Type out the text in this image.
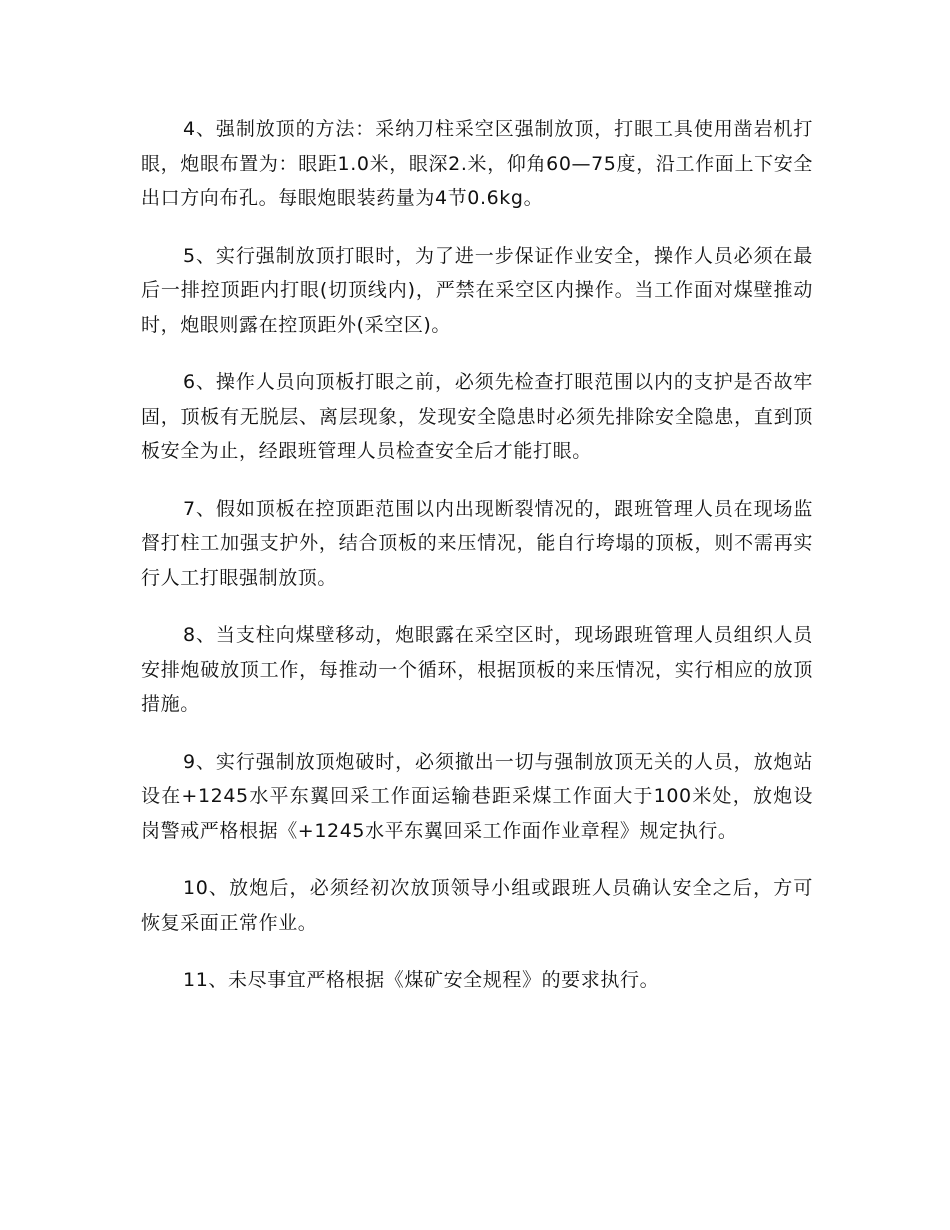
4、强制放顶的方法：采纳刀柱采空区强制放顶，打眼工具使用凿岩机打眼，炮眼布置为：眼距1.0米，眼深2.米，仰角60—75度，沿工作面上下安全出口方向布孔。每眼炮眼装药量为4节0.6kg。

5、实行强制放顶打眼时，为了进一步保证作业安全，操作人员必须在最后一排控顶距内打眼(切顶线内)，严禁在采空区内操作。当工作面对煤壁推动时，炮眼则露在控顶距外(采空区)。

6、操作人员向顶板打眼之前，必须先检查打眼范围以内的支护是否故牢固，顶板有无脱层、离层现象，发现安全隐患时必须先排除安全隐患，直到顶板安全为止，经跟班管理人员检查安全后才能打眼。

7、假如顶板在控顶距范围以内出现断裂情况的，跟班管理人员在现场监督打柱工加强支护外，结合顶板的来压情况，能自行垮塌的顶板，则不需再实行人工打眼强制放顶。

8、当支柱向煤壁移动，炮眼露在采空区时，现场跟班管理人员组织人员安排炮破放顶工作，每推动一个循环，根据顶板的来压情况，实行相应的放顶措施。

9、实行强制放顶炮破时，必须撤出一切与强制放顶无关的人员，放炮站设在+1245水平东翼回采工作面运输巷距采煤工作面大于100米处，放炮设岗警戒严格根据《+1245水平东翼回采工作面作业章程》规定执行。

10、放炮后，必须经初次放顶领导小组或跟班人员确认安全之后，方可恢复采面正常作业。

11、未尽事宜严格根据《煤矿安全规程》的要求执行。
